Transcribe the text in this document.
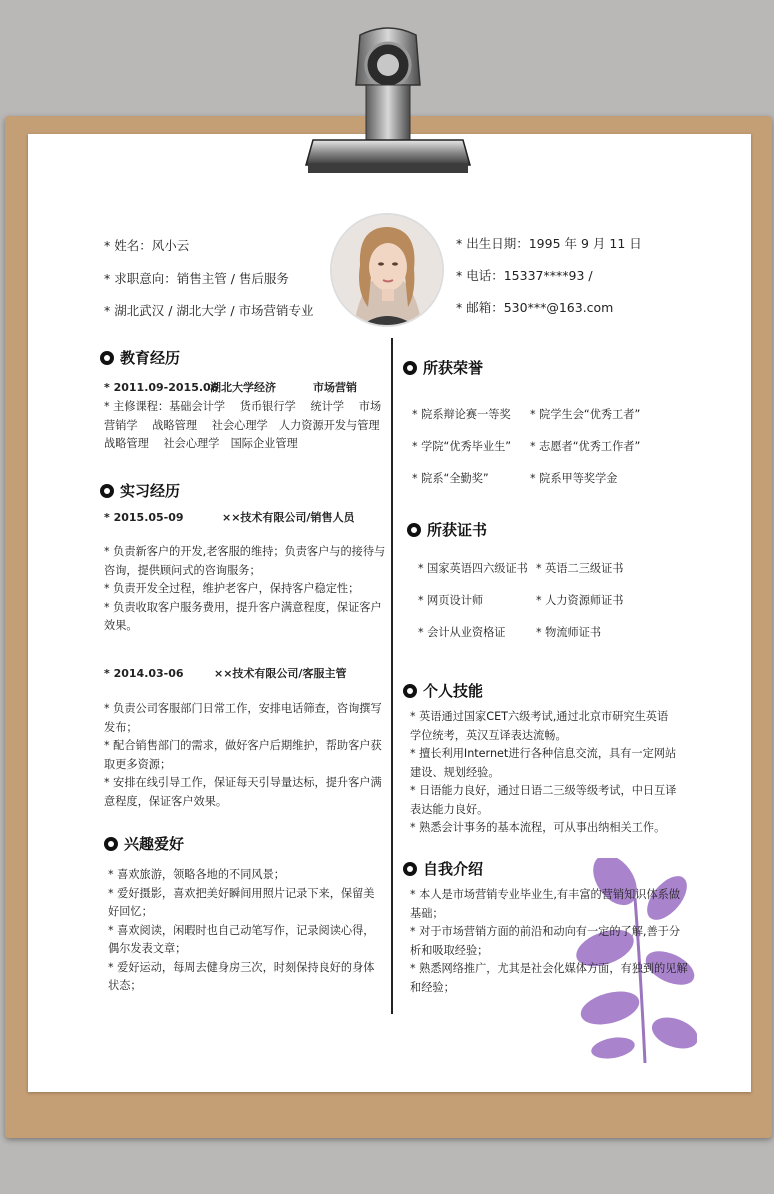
* 姓名：风小云
* 求职意向：销售主管 / 售后服务
* 湖北武汉 / 湖北大学 / 市场营销专业
* 出生日期：1995 年 9 月 11 日
* 电话：15337****93 /
* 邮箱：530***@163.com
教育经历
* 2011.09-2015.06
湖北大学经济	市场营销

* 主修课程：基础会计学　 货币银行学　 统计学　 市场

营销学　 战略管理　 社会心理学　人力资源开发与管理

战略管理　 社会心理学　国际企业管理

实习经历
* 2015.05-09	××技术有限公司/销售人员

* 负责新客户的开发,老客服的维持；负责客户与的接待与

咨询，提供顾问式的咨询服务；

* 负责开发全过程，维护老客户，保持客户稳定性；

* 负责收取客户服务费用，提升客户满意程度，保证客户

效果。

* 2014.03-06	××技术有限公司/客服主管

* 负责公司客服部门日常工作，安排电话筛查，咨询撰写

发布；

* 配合销售部门的需求，做好客户后期维护，帮助客户获

取更多资源；

* 安排在线引导工作，保证每天引导量达标，提升客户满

意程度，保证客户效果。

兴趣爱好

* 喜欢旅游，领略各地的不同风景；

* 爱好摄影，喜欢把美好瞬间用照片记录下来，保留美

好回忆；

* 喜欢阅读，闲暇时也自己动笔写作，记录阅读心得，

偶尔发表文章；

* 爱好运动，每周去健身房三次，时刻保持良好的身体

状态；

所获荣誉
* 院系辩论赛一等奖 * 院学生会“优秀工者”
* 学院“优秀毕业生” * 志愿者“优秀工作者”
* 院系“全勤奖”	* 院系甲等奖学金
所获证书
* 国家英语四六级证书 * 英语二三级证书
* 网页设计师	* 人力资源师证书
* 会计从业资格证	* 物流师证书
个人技能

* 英语通过国家CET六级考试,通过北京市研究生英语

学位统考，英汉互译表达流畅。

* 擅长利用Internet进行各种信息交流，具有一定网站

建设、规划经验。

* 日语能力良好，通过日语二三级等级考试，中日互译

表达能力良好。

* 熟悉会计事务的基本流程，可从事出纳相关工作。

自我介绍

* 本人是市场营销专业毕业生,有丰富的营销知识体系做

基础；

* 对于市场营销方面的前沿和动向有一定的了解,善于分

析和吸取经验；

* 熟悉网络推广，尤其是社会化媒体方面，有独到的见解

和经验；
